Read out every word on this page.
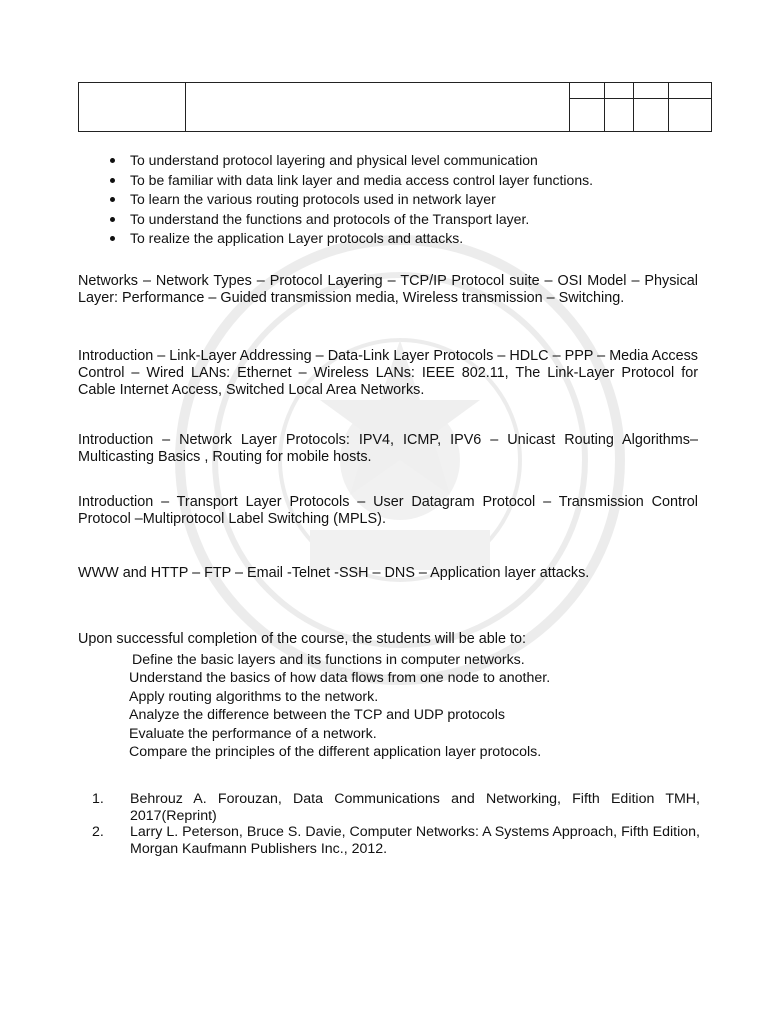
To understand protocol layering and physical level communication
To be familiar with data link layer and media access control layer functions.
To learn the various routing protocols used in network layer
To understand the functions and protocols of the Transport layer.
To realize the application Layer protocols and attacks.
Networks – Network Types – Protocol Layering – TCP/IP Protocol suite – OSI Model – Physical Layer: Performance – Guided transmission media, Wireless transmission – Switching.
Introduction – Link-Layer Addressing – Data-Link Layer Protocols – HDLC – PPP – Media Access Control – Wired LANs: Ethernet – Wireless LANs: IEEE 802.11, The Link-Layer Protocol for Cable Internet Access, Switched Local Area Networks.
Introduction – Network Layer Protocols: IPV4, ICMP, IPV6 – Unicast Routing Algorithms– Multicasting Basics , Routing for mobile hosts.
Introduction – Transport Layer Protocols – User Datagram Protocol – Transmission Control Protocol –Multiprotocol Label Switching (MPLS).
WWW and HTTP – FTP – Email -Telnet -SSH – DNS – Application layer attacks.
Upon successful completion of the course, the students will be able to:
Define the basic layers and its functions in computer networks.
Understand the basics of how data flows from one node to another.
Apply routing algorithms to the network.
Analyze the difference between the TCP and UDP protocols
Evaluate the performance of a network.
Compare the principles of the different application layer protocols.
1. Behrouz A. Forouzan, Data Communications and Networking, Fifth Edition TMH, 2017(Reprint)
2. Larry L. Peterson, Bruce S. Davie, Computer Networks: A Systems Approach, Fifth Edition, Morgan Kaufmann Publishers Inc., 2012.
